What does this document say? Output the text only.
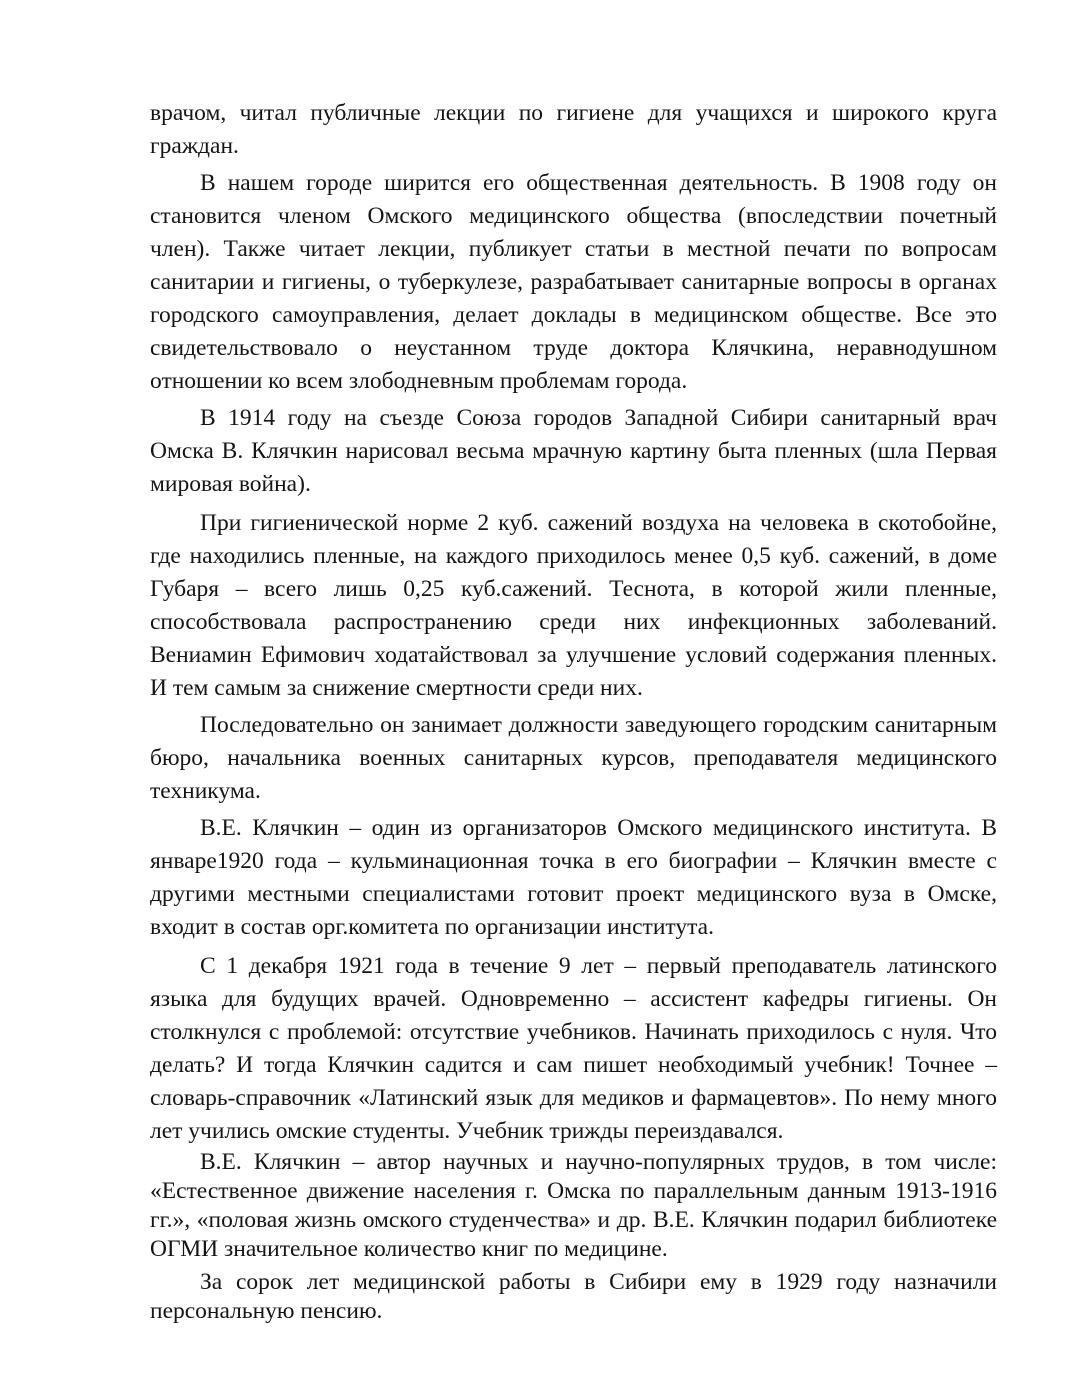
врачом, читал публичные лекции по гигиене для учащихся и широкого круга граждан.

В нашем городе ширится его общественная деятельность. В 1908 году он становится членом Омского медицинского общества (впоследствии почетный член). Также читает лекции, публикует статьи в местной печати по вопросам санитарии и гигиены, о туберкулезе, разрабатывает санитарные вопросы в органах городского самоуправления, делает доклады в медицинском обществе. Все это свидетельствовало о неустанном труде доктора Клячкина, неравнодушном отношении ко всем злободневным проблемам города.

В 1914 году на съезде Союза городов Западной Сибири санитарный врач Омска В. Клячкин нарисовал весьма мрачную картину быта пленных (шла Первая мировая война).

При гигиенической норме 2 куб. сажений воздуха на человека в скотобойне, где находились пленные, на каждого приходилось менее 0,5 куб. сажений, в доме Губаря – всего лишь 0,25 куб.сажений. Теснота, в которой жили пленные, способствовала распространению среди них инфекционных заболеваний. Вениамин Ефимович ходатайствовал за улучшение условий содержания пленных. И тем самым за снижение смертности среди них.

Последовательно он занимает должности заведующего городским санитарным бюро, начальника военных санитарных курсов, преподавателя медицинского техникума.

В.Е. Клячкин – один из организаторов Омского медицинского института. В январе1920 года – кульминационная точка в его биографии – Клячкин вместе с другими местными специалистами готовит проект медицинского вуза в Омске, входит в состав орг.комитета по организации института.

С 1 декабря 1921 года в течение 9 лет – первый преподаватель латинского языка для будущих врачей. Одновременно – ассистент кафедры гигиены. Он столкнулся с проблемой: отсутствие учебников. Начинать приходилось с нуля. Что делать? И тогда Клячкин садится и сам пишет необходимый учебник! Точнее – словарь-справочник «Латинский язык для медиков и фармацевтов». По нему много лет учились омские студенты. Учебник трижды переиздавался.

В.Е. Клячкин – автор научных и научно-популярных трудов, в том числе: «Естественное движение населения г. Омска по параллельным данным 1913-1916 гг.», «половая жизнь омского студенчества» и др. В.Е. Клячкин подарил библиотеке ОГМИ значительное количество книг по медицине.

За сорок лет медицинской работы в Сибири ему в 1929 году назначили персональную пенсию.
